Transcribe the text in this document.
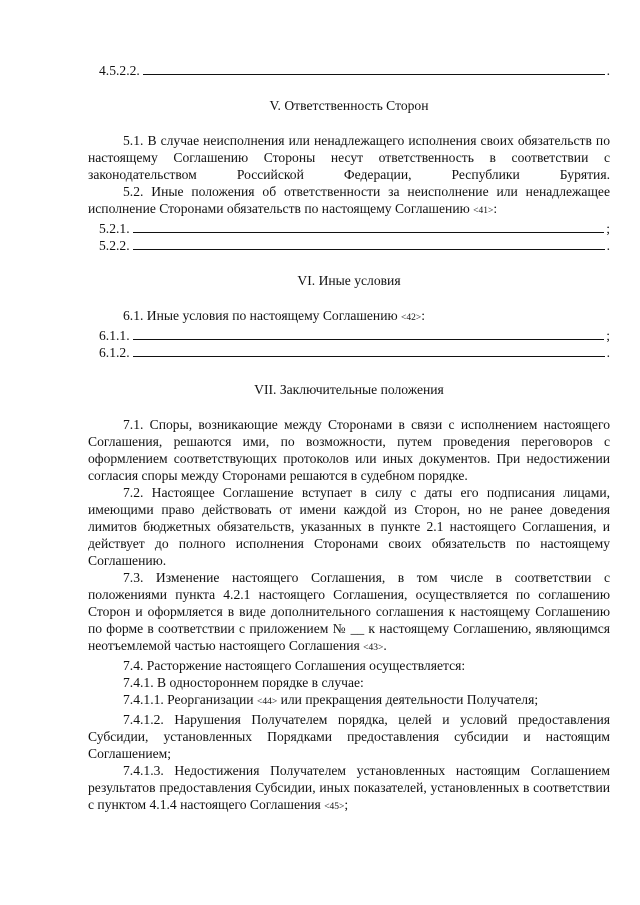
4.5.2.2.	.

V. Ответственность Сторон

5.1. В случае неисполнения или ненадлежащего исполнения своих обязательств по настоящему Соглашению Стороны несут ответственность в соответствии с законодательством Российской Федерации, Республики Бурятия.

5.2. Иные положения об ответственности за неисполнение или ненадлежащее исполнение Сторонами обязательств по настоящему Соглашению <41>:

5.2.1.	;

5.2.2.	.

VI. Иные условия

6.1. Иные условия по настоящему Соглашению <42>:

6.1.1.	;

6.1.2.	.

VII. Заключительные положения

7.1. Споры, возникающие между Сторонами в связи с исполнением настоящего Соглашения, решаются ими, по возможности, путем проведения переговоров с оформлением соответствующих протоколов или иных документов. При недостижении согласия споры между Сторонами решаются в судебном порядке.

7.2. Настоящее Соглашение вступает в силу с даты его подписания лицами, имеющими право действовать от имени каждой из Сторон, но не ранее доведения лимитов бюджетных обязательств, указанных в пункте 2.1 настоящего Соглашения, и действует до полного исполнения Сторонами своих обязательств по настоящему Соглашению.

7.3. Изменение настоящего Соглашения, в том числе в соответствии с положениями пункта 4.2.1 настоящего Соглашения, осуществляется по соглашению Сторон и оформляется в виде дополнительного соглашения к настоящему Соглашению по форме в соответствии с приложением № __ к настоящему Соглашению, являющимся неотъемлемой частью настоящего Соглашения <43>.

7.4. Расторжение настоящего Соглашения осуществляется:

7.4.1. В одностороннем порядке в случае:

7.4.1.1. Реорганизации <44> или прекращения деятельности Получателя;

7.4.1.2. Нарушения Получателем порядка, целей и условий предоставления Субсидии, установленных Порядками предоставления субсидии и настоящим Соглашением;

7.4.1.3. Недостижения Получателем установленных настоящим Соглашением результатов предоставления Субсидии, иных показателей, установленных в соответствии с пунктом 4.1.4 настоящего Соглашения <45>;
